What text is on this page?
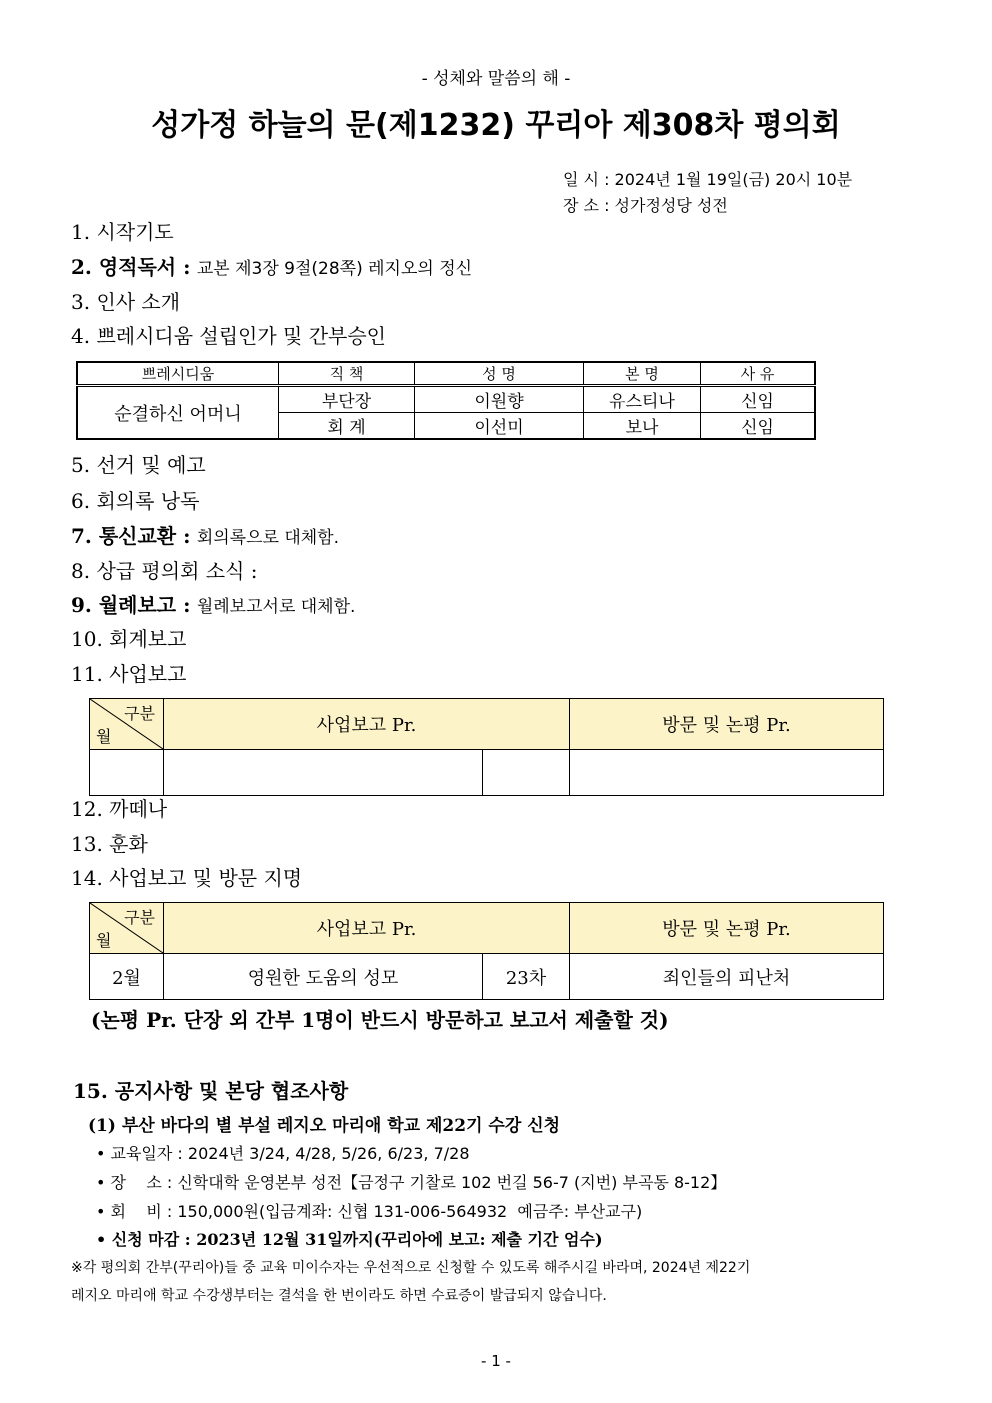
- 성체와 말씀의 해 -
성가정 하늘의 문(제1232) 꾸리아 제308차 평의회
일 시 : 2024년 1월 19일(금) 20시 10분
장 소 : 성가정성당 성전
1. 시작기도
2. 영적독서 : 교본 제3장 9절(28쪽) 레지오의 정신
3. 인사 소개
4. 쁘레시디움 설립인가 및 간부승인
쁘레시디움	직 책	성 명	본 명	사 유
순결하신 어머니	부단장	이원향	유스티나	신임
	회 계	이선미	보나	신임
5. 선거 및 예고
6. 회의록 낭독
7. 통신교환 : 회의록으로 대체함.
8. 상급 평의회 소식 :
9. 월례보고 : 월례보고서로 대체함.
10. 회계보고
11. 사업보고
구분
월	사업보고 Pr.		방문 및 논평 Pr.

12. 까떼나
13. 훈화
14. 사업보고 및 방문 지명
구분
월	사업보고 Pr.		방문 및 논평 Pr.
2월	영원한 도움의 성모	23차	죄인들의 피난처
(논평 Pr. 단장 외 간부 1명이 반드시 방문하고 보고서 제출할 것)
15. 공지사항 및 본당 협조사항
(1) 부산 바다의 별 부설 레지오 마리애 학교 제22기 수강 신청
• 교육일자 : 2024년 3/24, 4/28, 5/26, 6/23, 7/28
• 장    소 : 신학대학 운영본부 성전【금정구 기찰로 102 번길 56-7 (지번) 부곡동 8-12】
• 회    비 : 150,000원(입금계좌: 신협 131-006-564932  예금주: 부산교구)
• 신청 마감 : 2023년 12월 31일까지(꾸리아에 보고: 제출 기간 엄수)
※각 평의회 간부(꾸리아)들 중 교육 미이수자는 우선적으로 신청할 수 있도록 해주시길 바라며, 2024년 제22기
레지오 마리애 학교 수강생부터는 결석을 한 번이라도 하면 수료증이 발급되지 않습니다.
- 1 -
